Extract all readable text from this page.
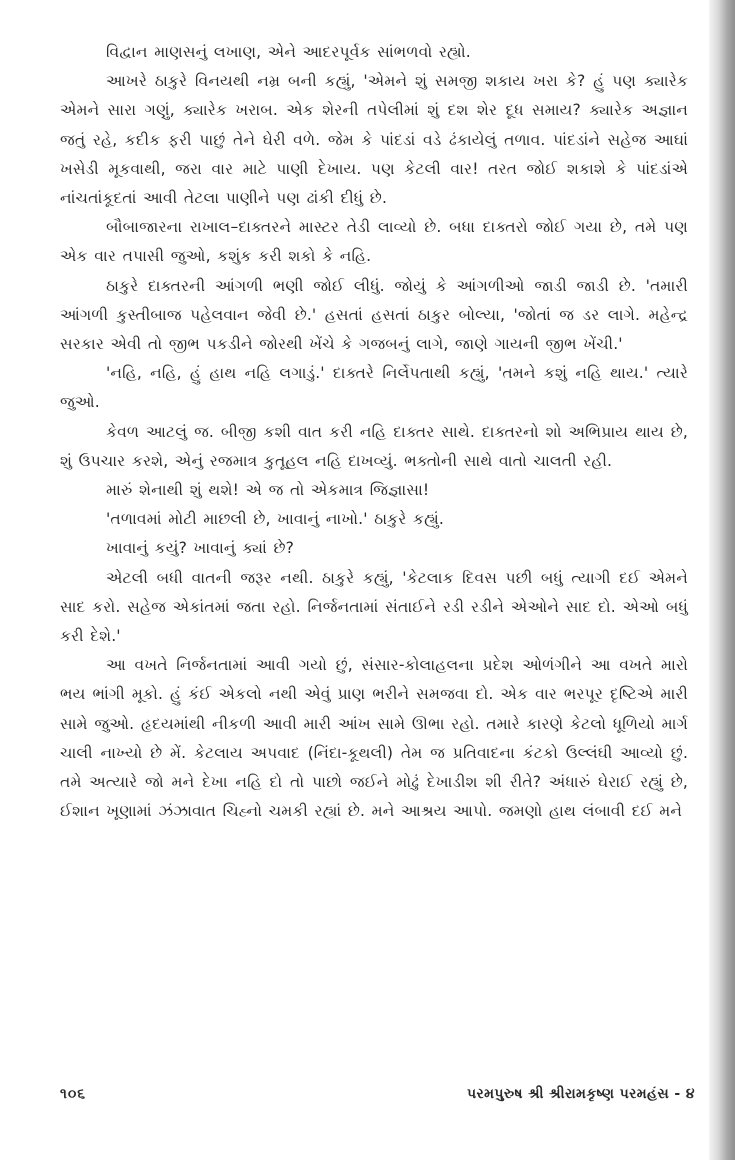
વિદ્વાન માણસનું લખાણ, એને આદરપૂર્વક સાંભળવો રહ્યો.

આખરે ઠાકુરે વિનયથી નમ્ર બની કહ્યું, 'એમને શું સમજી શકાય ખરા કે? હું પણ ક્યારેક એમને સારા ગણું, ક્યારેક ખરાબ. એક શેરની તપેલીમાં શું દશ શેર દૂધ સમાય? ક્યારેક અજ્ઞાન જતું રહે, કદીક ફરી પાછું તેને ઘેરી વળે. જેમ કે પાંદડાં વડે ઢંકાયેલું તળાવ. પાંદડાંને સહેજ આઘાં ખસેડી મૂકવાથી, જરા વાર માટે પાણી દેખાય. પણ કેટલી વાર! તરત જોઈ શકાશે કે પાંદડાંએ નાંચતાંકૂદતાં આવી તેટલા પાણીને પણ ઢાંકી દીધું છે.

બૌબાજારના રાખાલ–દાક્તરને માસ્ટર તેડી લાવ્યો છે. બધા દાક્તરો જોઈ ગયા છે, તમે પણ એક વાર તપાસી જુઓ, કશુંક કરી શકો કે નહિ.

ઠાકુરે દાક્તરની આંગળી ભણી જોઈ લીધું. જોયું કે આંગળીઓ જાડી જાડી છે. 'તમારી આંગળી કુસ્તીબાજ પહેલવાન જેવી છે.' હસતાં હસતાં ઠાકુર બોલ્યા, 'જોતાં જ ડર લાગે. મહેન્દ્ર સરકાર એવી તો જીભ પકડીને જોરથી ખેંચે કે ગજબનું લાગે, જાણે ગાયની જીભ ખેંચી.'

'નહિ, નહિ, હું હાથ નહિ લગાડું.' દાક્તરે નિર્લેપતાથી કહ્યું, 'તમને કશું નહિ થાય.' ત્યારે જુઓ.

કેવળ આટલું જ. બીજી કશી વાત કરી નહિ દાક્તર સાથે. દાક્તરનો શો અભિપ્રાય થાય છે, શું ઉપચાર કરશે, એનું રજમાત્ર કુતૂહલ નહિ દાખવ્યું. ભક્તોની સાથે વાતો ચાલતી રહી.

મારું શેનાથી શું થશે! એ જ તો એકમાત્ર જિજ્ઞાસા!

'તળાવમાં મોટી માછલી છે, ખાવાનું નાખો.' ઠાકુરે કહ્યું.

ખાવાનું કયું? ખાવાનું ક્યાં છે?

એટલી બધી વાતની જરૂર નથી. ઠાકુરે કહ્યું, 'કેટલાક દિવસ પછી બધું ત્યાગી દઈ એમને સાદ કરો. સહેજ એકાંતમાં જતા રહો. નિર્જનતામાં સંતાઈને રડી રડીને એઓને સાદ દો. એઓ બધું કરી દેશે.'

આ વખતે નિર્જનતામાં આવી ગયો છું, સંસાર-કોલાહલના પ્રદેશ ઓળંગીને આ વખતે મારો ભય ભાંગી મૂકો. હું કંઈ એકલો નથી એવું પ્રાણ ભરીને સમજવા દો. એક વાર ભરપૂર દૃષ્ટિએ મારી સામે જુઓ. હૃદયમાંથી નીકળી આવી મારી આંખ સામે ઊભા રહો. તમારે કારણે કેટલો ધૂળિયો માર્ગ ચાલી નાખ્યો છે મેં. કેટલાય અપવાદ (નિંદા-કૂથલી) તેમ જ પ્રતિવાદના કંટકો ઉલ્લંઘી આવ્યો છું. તમે અત્યારે જો મને દેખા નહિ દો તો પાછો જઈને મોઢું દેખાડીશ શી રીતે? અંધારું ઘેરાઈ રહ્યું છે, ઈશાન ખૂણામાં ઝંઝાવાત ચિહ્નો ચમકી રહ્યાં છે. મને આશ્રય આપો. જમણો હાથ લંબાવી દઈ મને

૧૦૬	પરમપુરુષ શ્રી શ્રીરામકૃષ્ણ પરમહંસ - ૪
